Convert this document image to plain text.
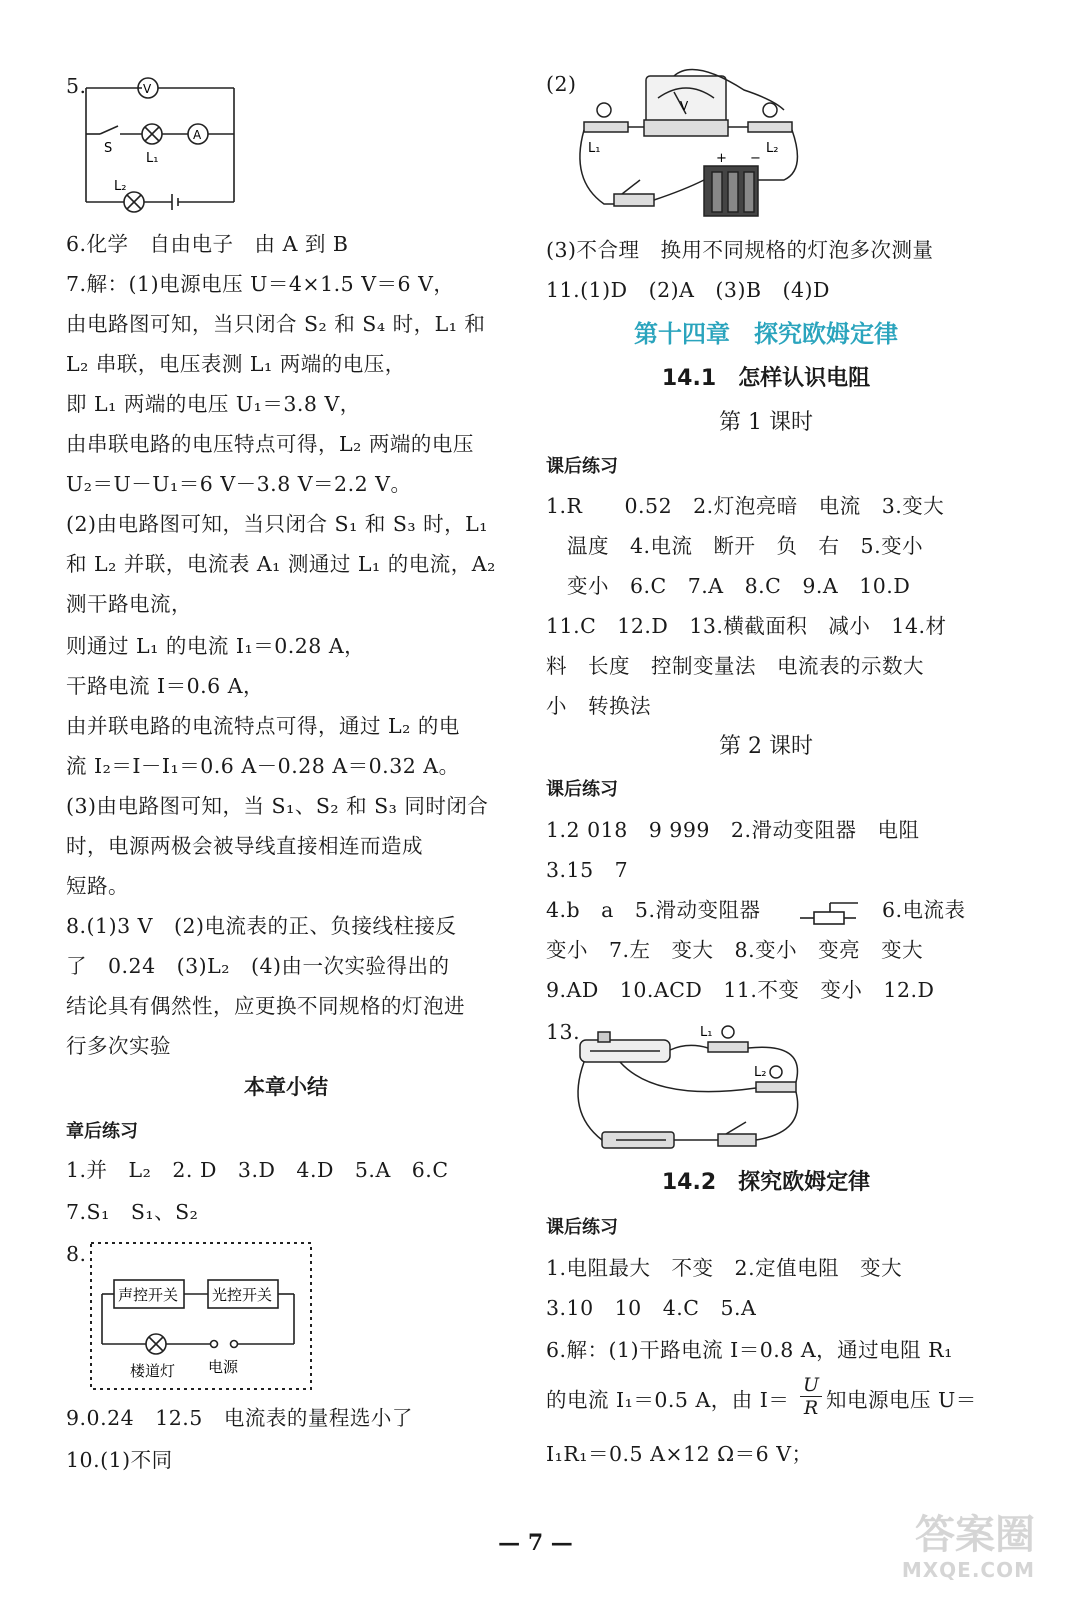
5.	V
A
S
L₁
L₂
6.化学　自由电子　由 A 到 B
7.解：(1)电源电压 U＝4×1.5 V＝6 V，
由电路图可知，当只闭合 S₂ 和 S₄ 时，L₁ 和
L₂ 串联，电压表测 L₁ 两端的电压，
即 L₁ 两端的电压 U₁＝3.8 V，
由串联电路的电压特点可得，L₂ 两端的电压
U₂＝U－U₁＝6 V－3.8 V＝2.2 V。
(2)由电路图可知，当只闭合 S₁ 和 S₃ 时，L₁
和 L₂ 并联，电流表 A₁ 测通过 L₁ 的电流，A₂
测干路电流，
则通过 L₁ 的电流 I₁＝0.28 A，
干路电流 I＝0.6 A，
由并联电路的电流特点可得，通过 L₂ 的电
流 I₂＝I－I₁＝0.6 A－0.28 A＝0.32 A。
(3)由电路图可知，当 S₁、S₂ 和 S₃ 同时闭合
时，电源两极会被导线直接相连而造成
短路。
8.(1)3 V　(2)电流表的正、负接线柱接反
了　0.24　(3)L₂　(4)由一次实验得出的
结论具有偶然性，应更换不同规格的灯泡进
行多次实验
本章小结
章后练习
1.并　L₂　2. D　3.D　4.D　5.A　6.C
7.S₁　S₁、S₂
8.
声控开关 光控开关
楼道灯 电源
9.0.24　12.5　电流表的量程选小了
10.(1)不同
(2)
V
L₁	L₂
+ −
(3)不合理　换用不同规格的灯泡多次测量
11.(1)D　(2)A　(3)B　(4)D
第十四章　探究欧姆定律
14.1　怎样认识电阻
第 1 课时
课后练习
1.R　　0.52　2.灯泡亮暗　电流　3.变大
　温度　4.电流　断开　负　右　5.变小
　变小　6.C　7.A　8.C　9.A　10.D
11.C　12.D　13.横截面积　减小　14.材
料　长度　控制变量法　电流表的示数大
小　转换法
第 2 课时
课后练习
1.2 018　9 999　2.滑动变阻器　电阻
3.15　7
4.b　a　5.滑动变阻器	6.电流表
变小　7.左　变大　8.变小　变亮　变大
9.AD　10.ACD　11.不变　变小　12.D
13.	L₁
L₂
14.2　探究欧姆定律
课后练习
1.电阻最大　不变　2.定值电阻　变大
3.10　10　4.C　5.A
6.解：(1)干路电流 I＝0.8 A，通过电阻 R₁
的电流 I₁＝0.5 A，由 $I= \frac{U}{R}$ 知电源电压 U＝
I₁R₁＝0.5 A×12 Ω＝6 V；
— 7 —	答案圈
MXQE.COM
